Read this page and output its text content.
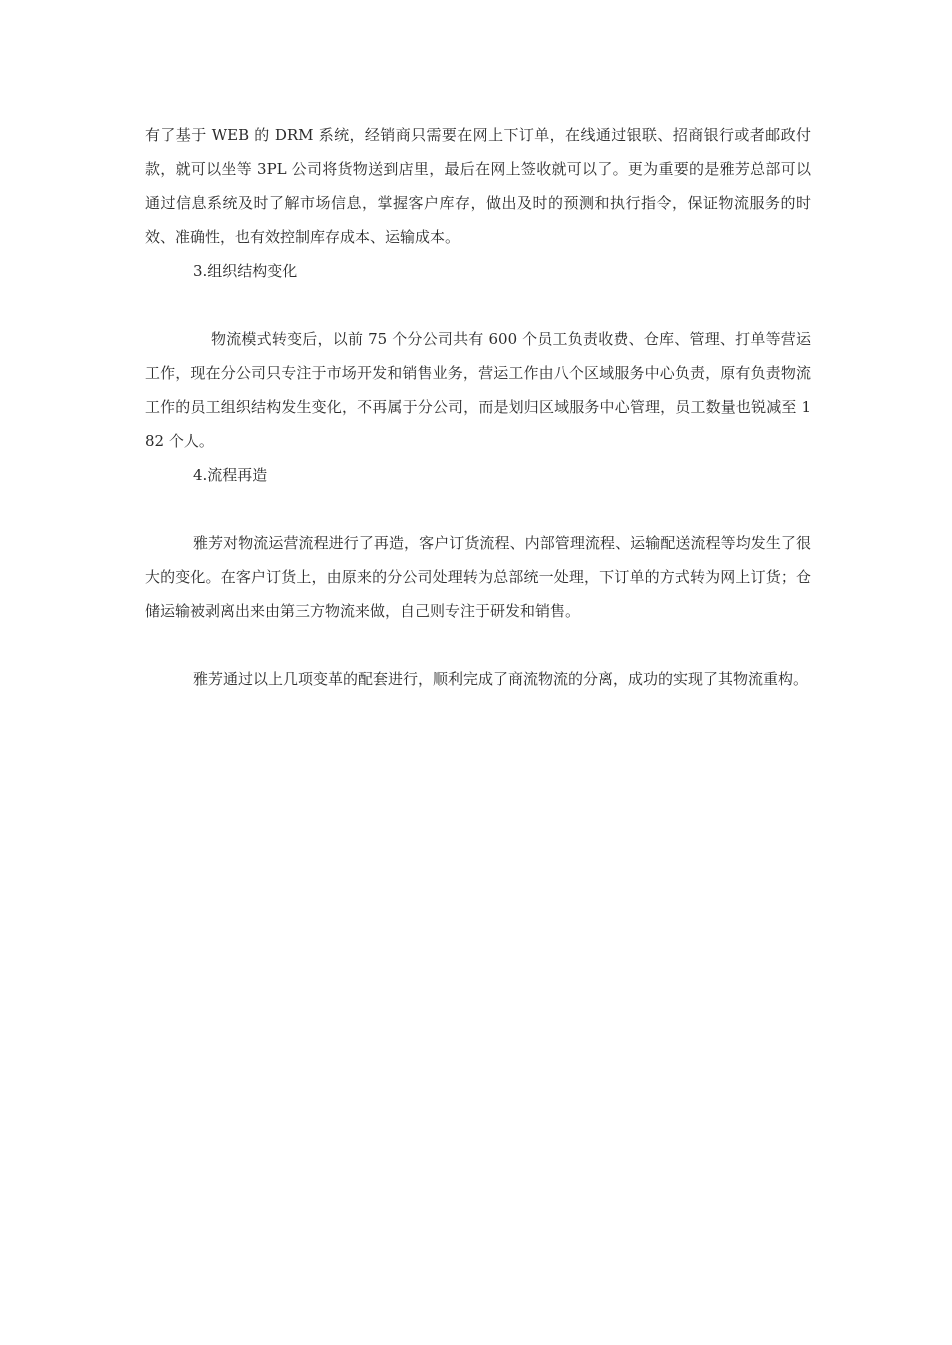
有了基于 WEB 的 DRM 系统，经销商只需要在网上下订单，在线通过银联、招商银行或者邮政付款，就可以坐等 3PL 公司将货物送到店里，最后在网上签收就可以了。更为重要的是雅芳总部可以通过信息系统及时了解市场信息，掌握客户库存，做出及时的预测和执行指令，保证物流服务的时效、准确性，也有效控制库存成本、运输成本。

3.组织结构变化

物流模式转变后，以前 75 个分公司共有 600 个员工负责收费、仓库、管理、打单等营运工作，现在分公司只专注于市场开发和销售业务，营运工作由八个区域服务中心负责，原有负责物流工作的员工组织结构发生变化，不再属于分公司，而是划归区域服务中心管理，员工数量也锐减至 182 个人。

4.流程再造

雅芳对物流运营流程进行了再造，客户订货流程、内部管理流程、运输配送流程等均发生了很大的变化。在客户订货上，由原来的分公司处理转为总部统一处理，下订单的方式转为网上订货；仓储运输被剥离出来由第三方物流来做，自己则专注于研发和销售。

雅芳通过以上几项变革的配套进行，顺利完成了商流物流的分离，成功的实现了其物流重构。
